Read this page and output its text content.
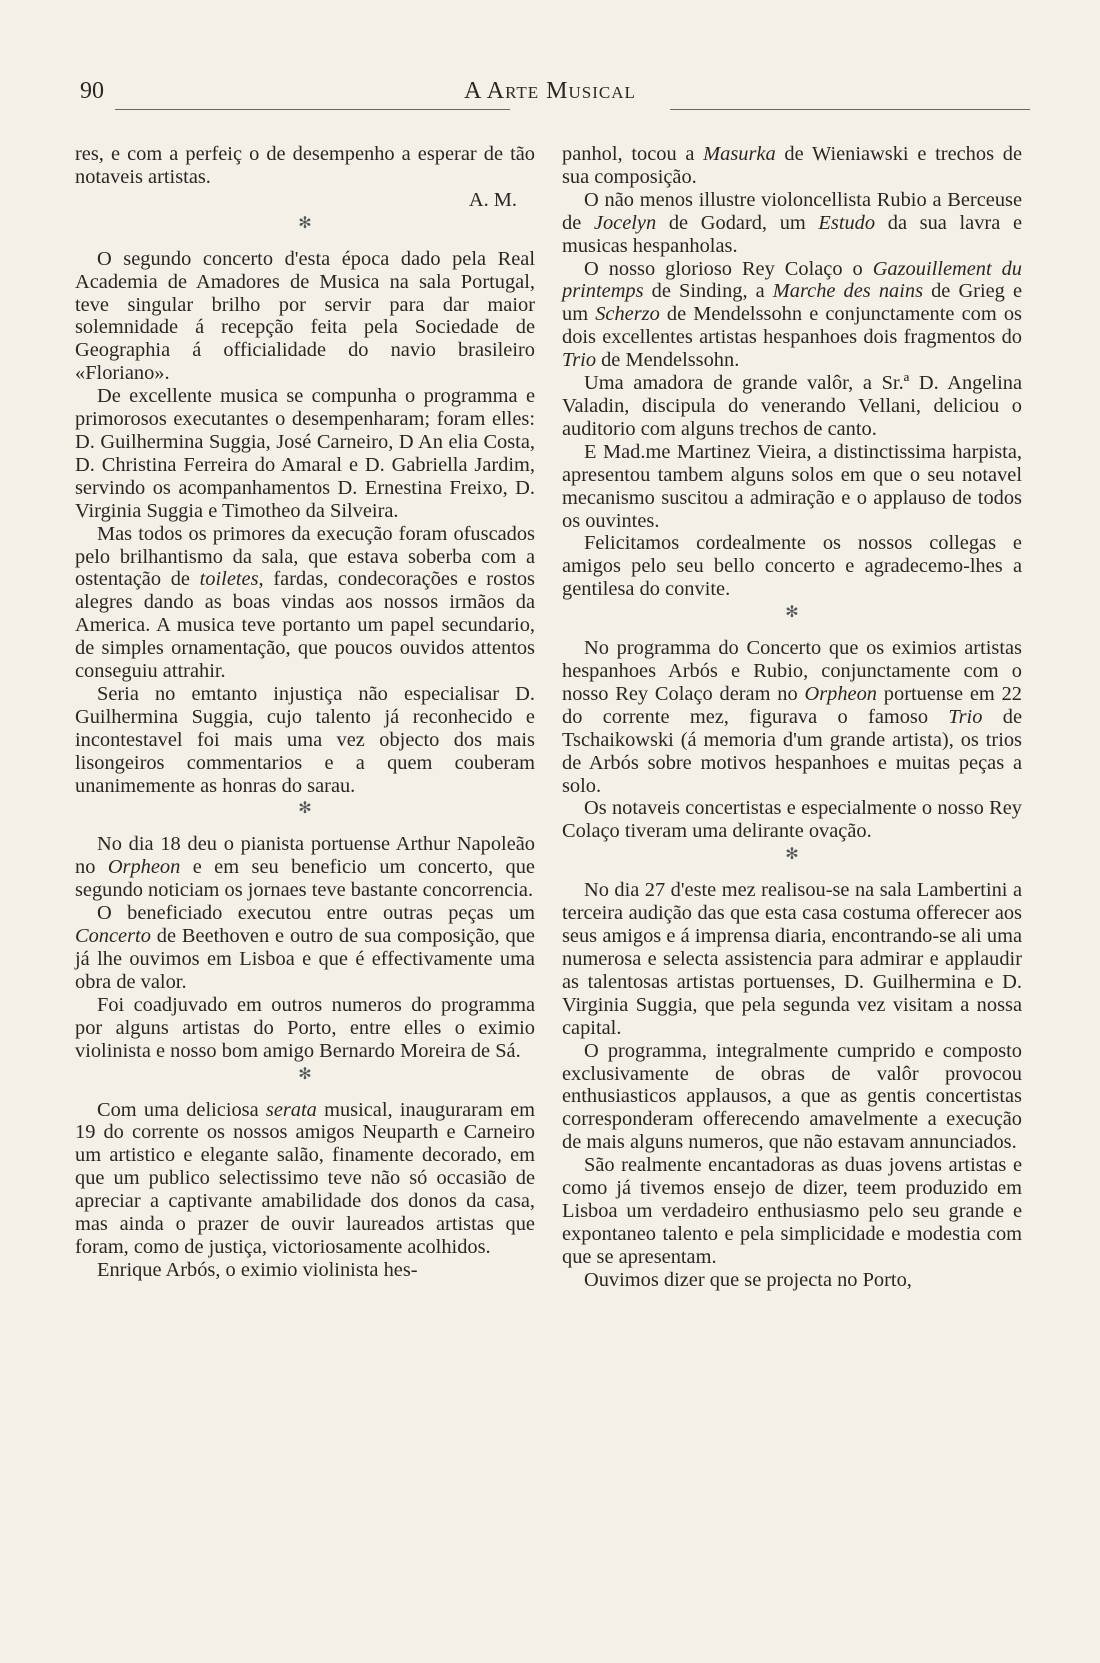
90	A Arte Musical

res, e com a perfeiç o de desempenho a esperar de tão notaveis artistas.

A. M.

✻

O segundo concerto d'esta época dado pela Real Academia de Amadores de Musica na sala Portugal, teve singular brilho por servir para dar maior solemnidade á recepção feita pela Sociedade de Geographia á officialidade do navio brasileiro «Floriano».

De excellente musica se compunha o programma e primorosos executantes o desempenharam; foram elles: D. Guilhermina Suggia, José Carneiro, D An elia Costa, D. Christina Ferreira do Amaral e D. Gabriella Jardim, servindo os acompanhamentos D. Ernestina Freixo, D. Virginia Suggia e Timotheo da Silveira.

Mas todos os primores da execução foram ofuscados pelo brilhantismo da sala, que estava soberba com a ostentação de toiletes, fardas, condecorações e rostos alegres dando as boas vindas aos nossos irmãos da America. A musica teve portanto um papel secundario, de simples ornamentação, que poucos ouvidos attentos conseguiu attrahir.

Seria no emtanto injustiça não especialisar D. Guilhermina Suggia, cujo talento já reconhecido e incontestavel foi mais uma vez objecto dos mais lisongeiros commentarios e a quem couberam unanimemente as honras do sarau.

✻

No dia 18 deu o pianista portuense Arthur Napoleão no Orpheon e em seu beneficio um concerto, que segundo noticiam os jornaes teve bastante concorrencia.

O beneficiado executou entre outras peças um Concerto de Beethoven e outro de sua composição, que já lhe ouvimos em Lisboa e que é effectivamente uma obra de valor.

Foi coadjuvado em outros numeros do programma por alguns artistas do Porto, entre elles o eximio violinista e nosso bom amigo Bernardo Moreira de Sá.

✻

Com uma deliciosa serata musical, inauguraram em 19 do corrente os nossos amigos Neuparth e Carneiro um artistico e elegante salão, finamente decorado, em que um publico selectissimo teve não só occasião de apreciar a captivante amabilidade dos donos da casa, mas ainda o prazer de ouvir laureados artistas que foram, como de justiça, victoriosamente acolhidos.

Enrique Arbós, o eximio violinista hes-

panhol, tocou a Masurka de Wieniawski e trechos de sua composição.

O não menos illustre violoncellista Rubio a Berceuse de Jocelyn de Godard, um Estudo da sua lavra e musicas hespanholas.

O nosso glorioso Rey Colaço o Gazouillement du printemps de Sinding, a Marche des nains de Grieg e um Scherzo de Mendelssohn e conjunctamente com os dois excellentes artistas hespanhoes dois fragmentos do Trio de Mendelssohn.

Uma amadora de grande valôr, a Sr.ª D. Angelina Valadin, discipula do venerando Vellani, deliciou o auditorio com alguns trechos de canto.

E Mad.me Martinez Vieira, a distinctissima harpista, apresentou tambem alguns solos em que o seu notavel mecanismo suscitou a admiração e o applauso de todos os ouvintes.

Felicitamos cordealmente os nossos collegas e amigos pelo seu bello concerto e agradecemo-lhes a gentilesa do convite.

✻

No programma do Concerto que os eximios artistas hespanhoes Arbós e Rubio, conjunctamente com o nosso Rey Colaço deram no Orpheon portuense em 22 do corrente mez, figurava o famoso Trio de Tschaikowski (á memoria d'um grande artista), os trios de Arbós sobre motivos hespanhoes e muitas peças a solo.

Os notaveis concertistas e especialmente o nosso Rey Colaço tiveram uma delirante ovação.

✻

No dia 27 d'este mez realisou-se na sala Lambertini a terceira audição das que esta casa costuma offerecer aos seus amigos e á imprensa diaria, encontrando-se ali uma numerosa e selecta assistencia para admirar e applaudir as talentosas artistas portuenses, D. Guilhermina e D. Virginia Suggia, que pela segunda vez visitam a nossa capital.

O programma, integralmente cumprido e composto exclusivamente de obras de valôr provocou enthusiasticos applausos, a que as gentis concertistas corresponderam offerecendo amavelmente a execução de mais alguns numeros, que não estavam annunciados.

São realmente encantadoras as duas jovens artistas e como já tivemos ensejo de dizer, teem produzido em Lisboa um verdadeiro enthusiasmo pelo seu grande e expontaneo talento e pela simplicidade e modestia com que se apresentam.

Ouvimos dizer que se projecta no Porto,
